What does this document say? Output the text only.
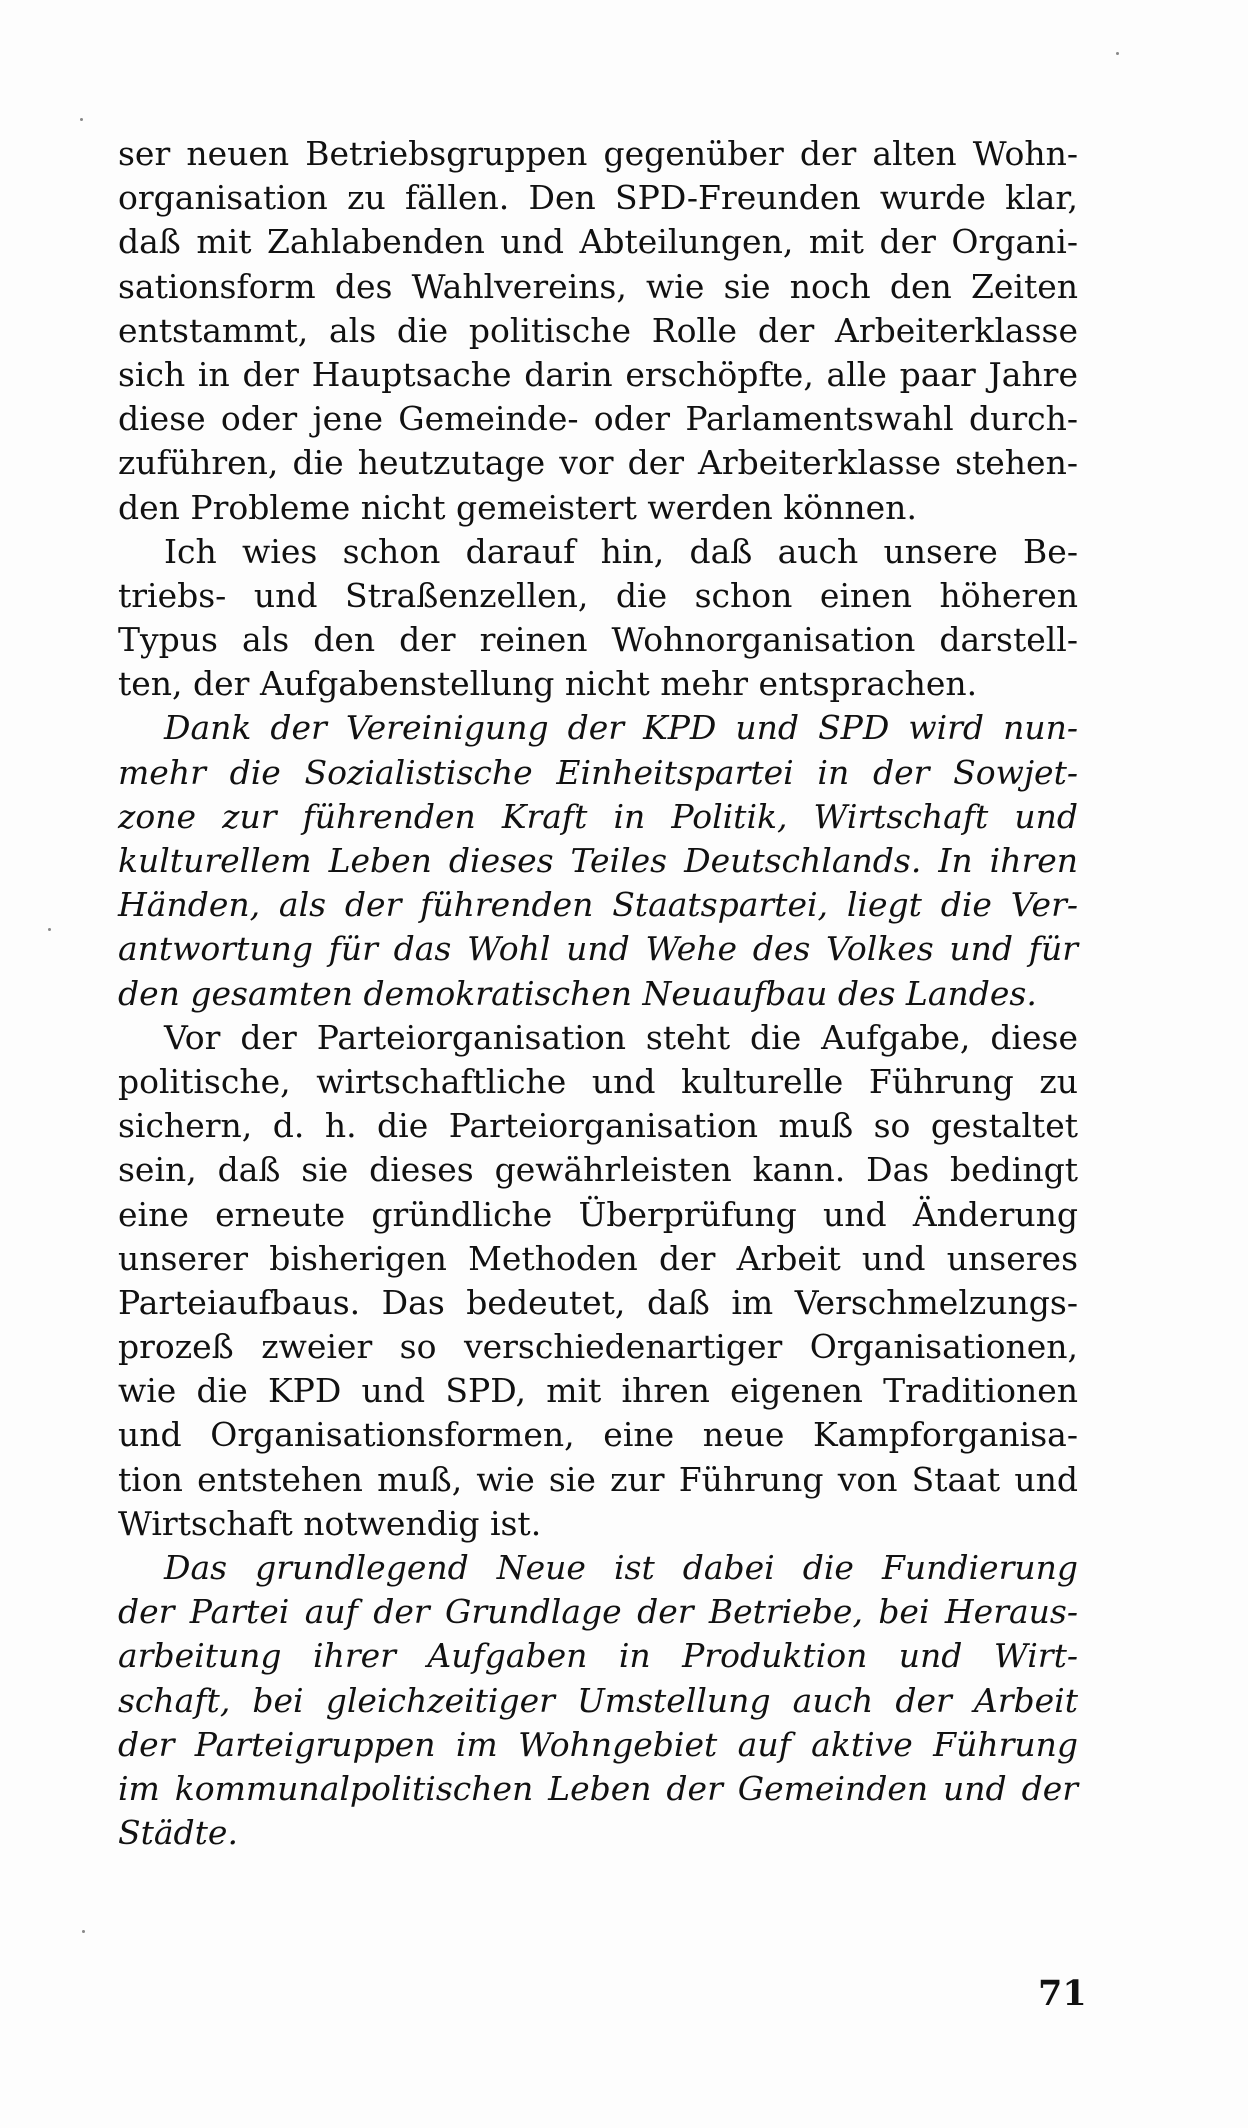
ser neuen Betriebsgruppen gegenüber der alten Wohn-
organisation zu fällen. Den SPD-Freunden wurde klar,
daß mit Zahlabenden und Abteilungen, mit der Organi-
sationsform des Wahlvereins, wie sie noch den Zeiten
entstammt, als die politische Rolle der Arbeiterklasse
sich in der Hauptsache darin erschöpfte, alle paar Jahre
diese oder jene Gemeinde- oder Parlamentswahl durch-
zuführen, die heutzutage vor der Arbeiterklasse stehen-
den Probleme nicht gemeistert werden können.
Ich wies schon darauf hin, daß auch unsere Be-
triebs- und Straßenzellen, die schon einen höheren
Typus als den der reinen Wohnorganisation darstell-
ten, der Aufgabenstellung nicht mehr entsprachen.
Dank der Vereinigung der KPD und SPD wird nun-
mehr die Sozialistische Einheitspartei in der Sowjet-
zone zur führenden Kraft in Politik, Wirtschaft und
kulturellem Leben dieses Teiles Deutschlands. In ihren
Händen, als der führenden Staatspartei, liegt die Ver-
antwortung für das Wohl und Wehe des Volkes und für
den gesamten demokratischen Neuaufbau des Landes.
Vor der Parteiorganisation steht die Aufgabe, diese
politische, wirtschaftliche und kulturelle Führung zu
sichern, d. h. die Parteiorganisation muß so gestaltet
sein, daß sie dieses gewährleisten kann. Das bedingt
eine erneute gründliche Überprüfung und Änderung
unserer bisherigen Methoden der Arbeit und unseres
Parteiaufbaus. Das bedeutet, daß im Verschmelzungs-
prozeß zweier so verschiedenartiger Organisationen,
wie die KPD und SPD, mit ihren eigenen Traditionen
und Organisationsformen, eine neue Kampforganisa-
tion entstehen muß, wie sie zur Führung von Staat und
Wirtschaft notwendig ist.
Das grundlegend Neue ist dabei die Fundierung
der Partei auf der Grundlage der Betriebe, bei Heraus-
arbeitung ihrer Aufgaben in Produktion und Wirt-
schaft, bei gleichzeitiger Umstellung auch der Arbeit
der Parteigruppen im Wohngebiet auf aktive Führung
im kommunalpolitischen Leben der Gemeinden und der
Städte.
71
